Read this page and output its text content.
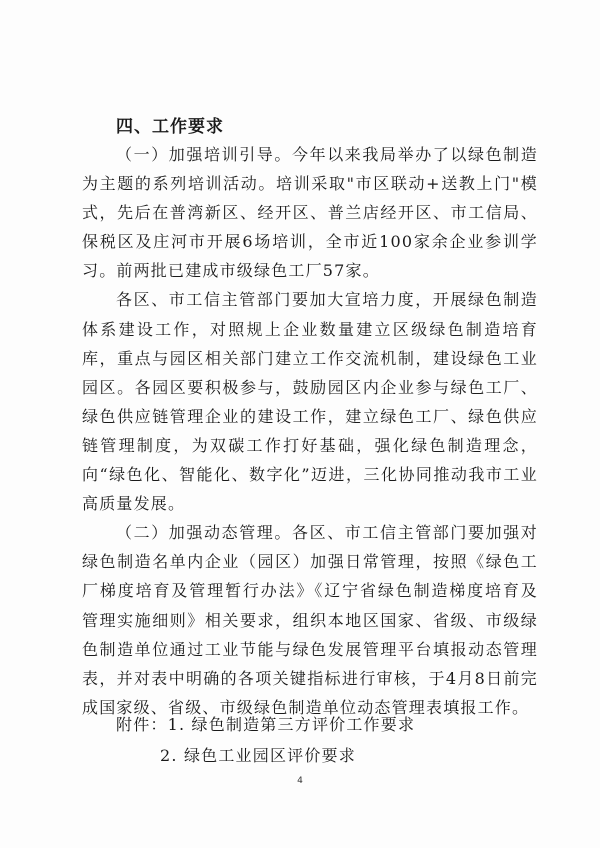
四、工作要求

（一）加强培训引导。今年以来我局举办了以绿色制造为主题的系列培训活动。培训采取"市区联动+送教上门"模式，先后在普湾新区、经开区、普兰店经开区、市工信局、保税区及庄河市开展6场培训，全市近100家余企业参训学习。前两批已建成市级绿色工厂57家。

各区、市工信主管部门要加大宣培力度，开展绿色制造体系建设工作，对照规上企业数量建立区级绿色制造培育库，重点与园区相关部门建立工作交流机制，建设绿色工业园区。各园区要积极参与，鼓励园区内企业参与绿色工厂、绿色供应链管理企业的建设工作，建立绿色工厂、绿色供应链管理制度，为双碳工作打好基础，强化绿色制造理念，向“绿色化、智能化、数字化”迈进，三化协同推动我市工业高质量发展。

（二）加强动态管理。各区、市工信主管部门要加强对绿色制造名单内企业（园区）加强日常管理，按照《绿色工厂梯度培育及管理暂行办法》《辽宁省绿色制造梯度培育及管理实施细则》相关要求，组织本地区国家、省级、市级绿色制造单位通过工业节能与绿色发展管理平台填报动态管理表，并对表中明确的各项关键指标进行审核，于4月8日前完成国家级、省级、市级绿色制造单位动态管理表填报工作。

附件：1. 绿色制造第三方评价工作要求
2. 绿色工业园区评价要求
4
